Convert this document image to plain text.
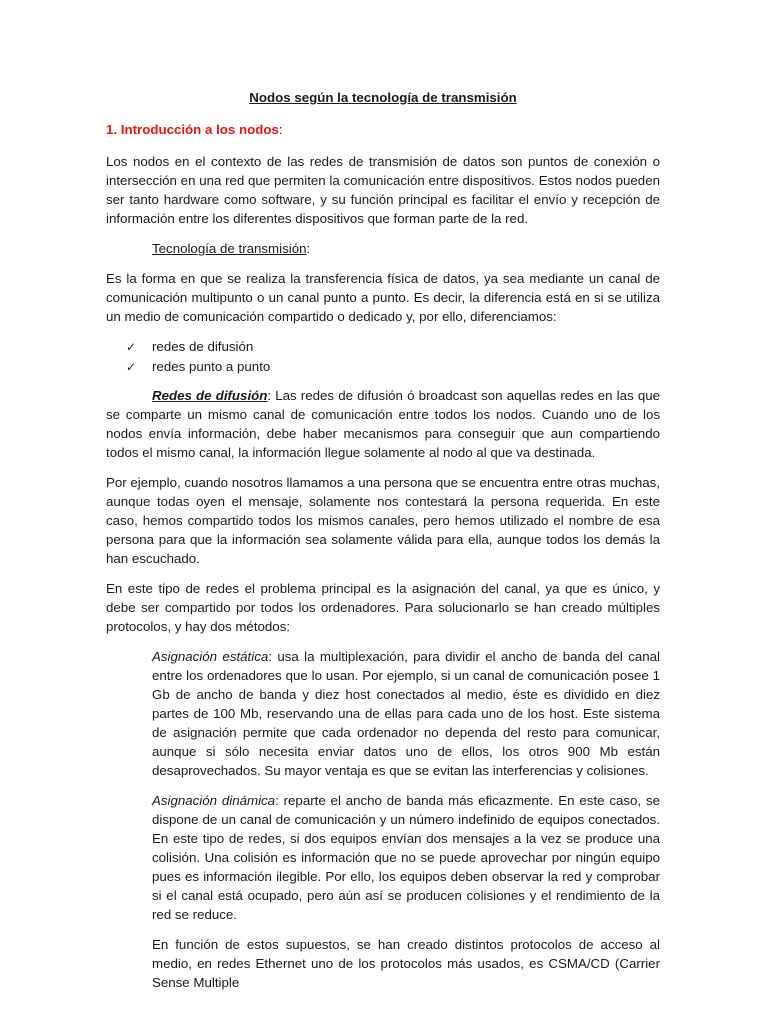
Nodos según la tecnología de transmisión
1. Introducción a los nodos:

Los nodos en el contexto de las redes de transmisión de datos son puntos de conexión o intersección en una red que permiten la comunicación entre dispositivos. Estos nodos pueden ser tanto hardware como software, y su función principal es facilitar el envío y recepción de información entre los diferentes dispositivos que forman parte de la red.

Tecnología de transmisión:

Es la forma en que se realiza la transferencia física de datos, ya sea mediante un canal de comunicación multipunto o un canal punto a punto. Es decir, la diferencia está en si se utiliza un medio de comunicación compartido o dedicado y, por ello, diferenciamos:

✓	redes de difusión
✓	redes punto a punto

Redes de difusión: Las redes de difusión ó broadcast son aquellas redes en las que se comparte un mismo canal de comunicación entre todos los nodos. Cuando uno de los nodos envía información, debe haber mecanismos para conseguir que aun compartiendo todos el mismo canal, la información llegue solamente al nodo al que va destinada.

Por ejemplo, cuando nosotros llamamos a una persona que se encuentra entre otras muchas, aunque todas oyen el mensaje, solamente nos contestará la persona requerida. En este caso, hemos compartido todos los mismos canales, pero hemos utilizado el nombre de esa persona para que la información sea solamente válida para ella, aunque todos los demás la han escuchado.

En este tipo de redes el problema principal es la asignación del canal, ya que es único, y debe ser compartido por todos los ordenadores. Para solucionarlo se han creado múltiples protocolos, y hay dos métodos:

Asignación estática: usa la multiplexación, para dividir el ancho de banda del canal entre los ordenadores que lo usan. Por ejemplo, si un canal de comunicación posee 1 Gb de ancho de banda y diez host conectados al medio, éste es dividido en diez partes de 100 Mb, reservando una de ellas para cada uno de los host. Este sistema de asignación permite que cada ordenador no dependa del resto para comunicar, aunque si sólo necesita enviar datos uno de ellos, los otros 900 Mb están desaprovechados. Su mayor ventaja es que se evitan las interferencias y colisiones.

Asignación dinámica: reparte el ancho de banda más eficazmente. En este caso, se dispone de un canal de comunicación y un número indefinido de equipos conectados. En este tipo de redes, si dos equipos envían dos mensajes a la vez se produce una colisión. Una colisión es información que no se puede aprovechar por ningún equipo pues es información ilegible. Por ello, los equipos deben observar la red y comprobar si el canal está ocupado, pero aún así se producen colisiones y el rendimiento de la red se reduce.

En función de estos supuestos, se han creado distintos protocolos de acceso al medio, en redes Ethernet uno de los protocolos más usados, es CSMA/CD (Carrier Sense Multiple
